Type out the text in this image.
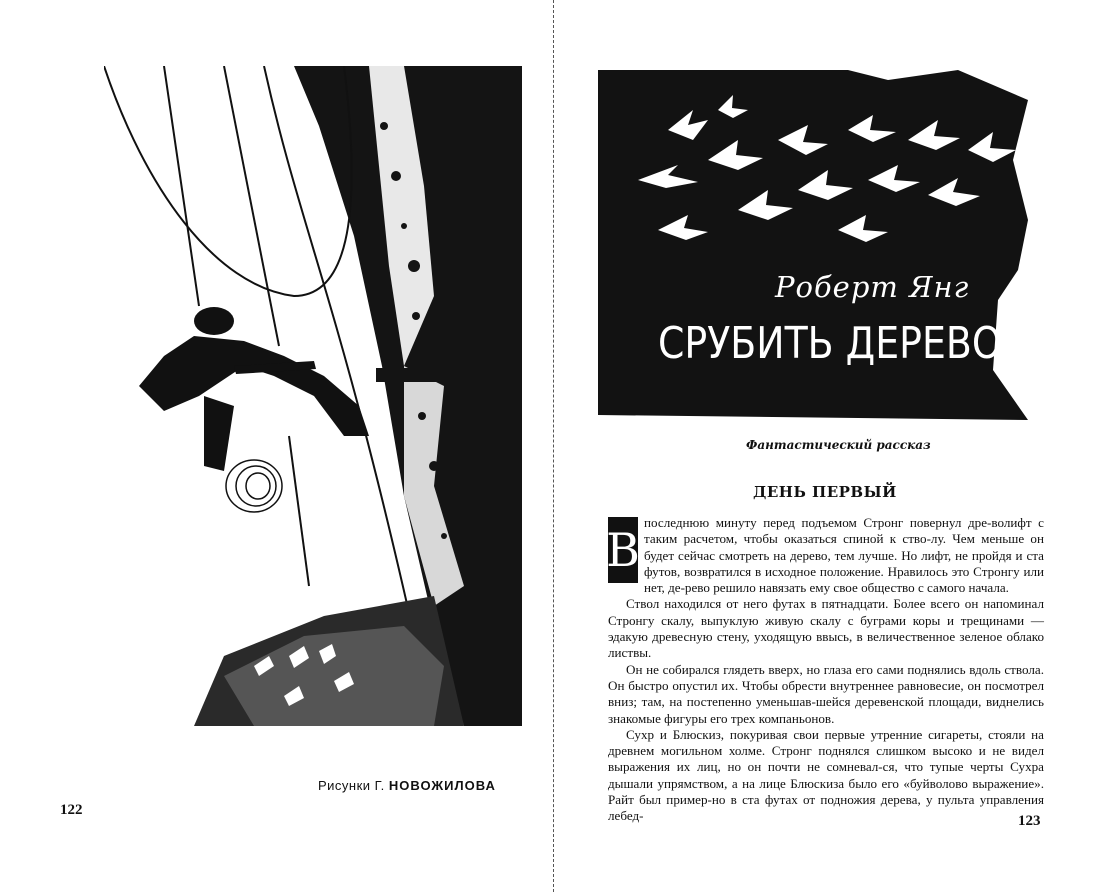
Рисунки Г. НОВОЖИЛОВА
122
Роберт Янг
СРУБИТЬ ДЕРЕВО
Фантастический рассказ
ДЕНЬ ПЕРВЫЙ

В
последнюю минуту перед подъемом Стронг повернул дре-волифт с таким расчетом, чтобы оказаться спиной к ство-лу. Чем меньше он будет сейчас смотреть на дерево, тем лучше. Но лифт, не пройдя и ста футов, возвратился в исходное положение. Нравилось это Стронгу или нет, де-рево решило навязать ему свое общество с самого начала.

Ствол находился от него футах в пятнадцати. Более всего он напоминал Стронгу скалу, выпуклую живую скалу с буграми коры и трещинами — эдакую древесную стену, уходящую ввысь, в величественное зеленое облако листвы.

Он не собирался глядеть вверх, но глаза его сами поднялись вдоль ствола. Он быстро опустил их. Чтобы обрести внутреннее равновесие, он посмотрел вниз; там, на постепенно уменьшав-шейся деревенской площади, виднелись знакомые фигуры его трех компаньонов.

Сухр и Блюскиз, покуривая свои первые утренние сигареты, стояли на древнем могильном холме. Стронг поднялся слишком высоко и не видел выражения их лиц, но он почти не сомневал-ся, что тупые черты Сухра дышали упрямством, а на лице Блюскиза было его «буйволово выражение». Райт был пример-но в ста футах от подножия дерева, у пульта управления лебед-	123
